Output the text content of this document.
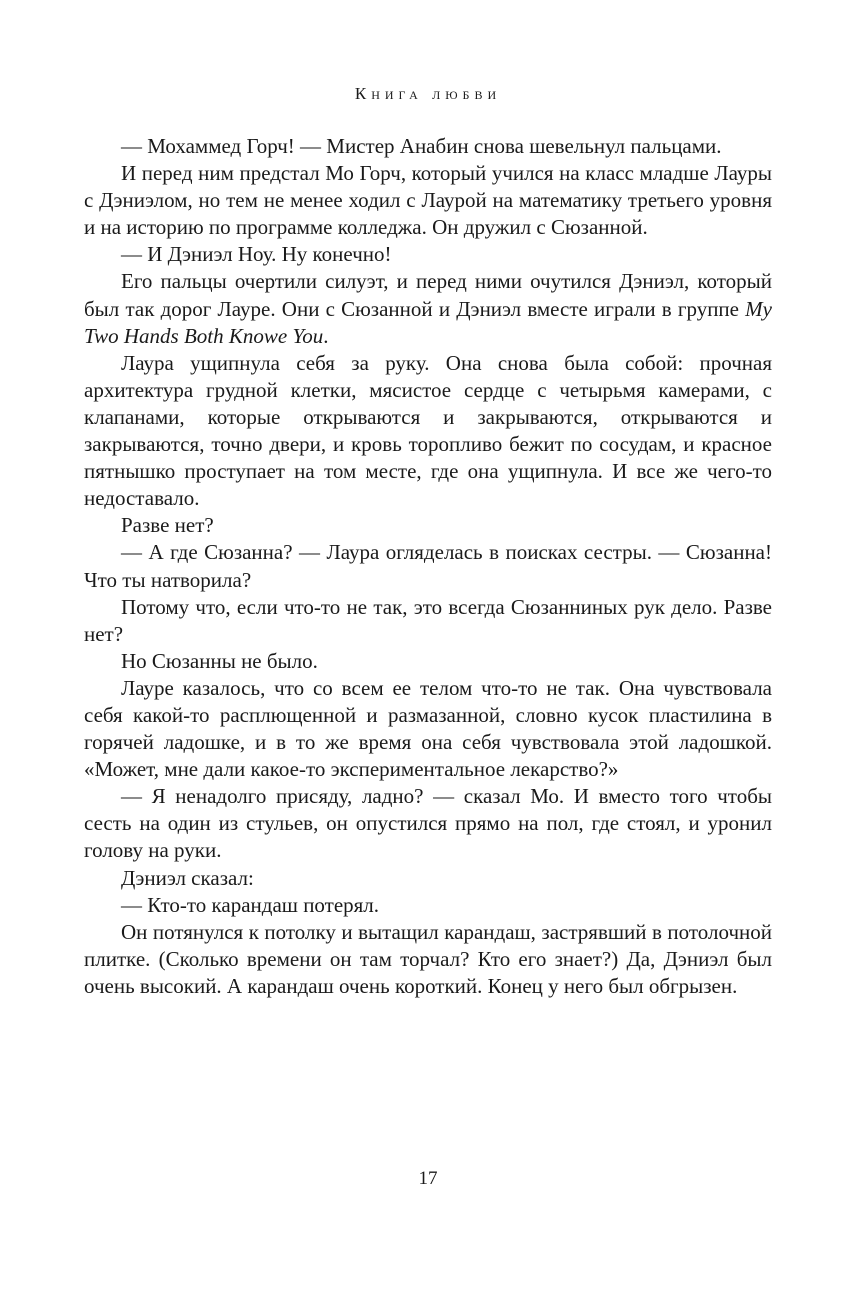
Книга любви

— Мохаммед Горч! — Мистер Анабин снова шевельнул пальцами.

И перед ним предстал Мо Горч, который учился на класс младше Лауры с Дэниэлом, но тем не менее ходил с Лаурой на математику третьего уровня и на историю по программе колледжа. Он дружил с Сюзанной.

— И Дэниэл Ноу. Ну конечно!

Его пальцы очертили силуэт, и перед ними очутился Дэниэл, который был так дорог Лауре. Они с Сюзанной и Дэниэл вместе играли в группе My Two Hands Both Knowe You.

Лаура ущипнула себя за руку. Она снова была собой: прочная архитектура грудной клетки, мясистое сердце с четырьмя камерами, с клапанами, которые открываются и закрываются, открываются и закрываются, точно двери, и кровь торопливо бежит по сосудам, и красное пятнышко проступает на том месте, где она ущипнула. И все же чего-то недоставало.

Разве нет?

— А где Сюзанна? — Лаура огляделась в поисках сестры. — Сюзанна! Что ты натворила?

Потому что, если что-то не так, это всегда Сюзанниных рук дело. Разве нет?

Но Сюзанны не было.

Лауре казалось, что со всем ее телом что-то не так. Она чувствовала себя какой-то расплющенной и размазанной, словно кусок пластилина в горячей ладошке, и в то же время она себя чувствовала этой ладошкой. «Может, мне дали какое-то экспериментальное лекарство?»

— Я ненадолго присяду, ладно? — сказал Мо. И вместо того чтобы сесть на один из стульев, он опустился прямо на пол, где стоял, и уронил голову на руки.

Дэниэл сказал:

— Кто-то карандаш потерял.

Он потянулся к потолку и вытащил карандаш, застрявший в потолочной плитке. (Сколько времени он там торчал? Кто его знает?) Да, Дэниэл был очень высокий. А карандаш очень короткий. Конец у него был обгрызен.

17
